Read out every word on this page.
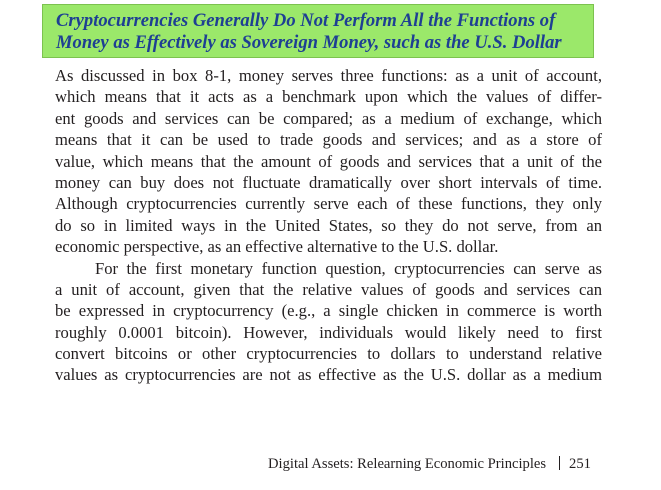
Cryptocurrencies Generally Do Not Perform All the Functions of
Money as Effectively as Sovereign Money, such as the U.S. Dollar
As discussed in box 8-1, money serves three functions: as a unit of account,
which means that it acts as a benchmark upon which the values of differ-
ent goods and services can be compared; as a medium of exchange, which
means that it can be used to trade goods and services; and as a store of
value, which means that the amount of goods and services that a unit of the
money can buy does not fluctuate dramatically over short intervals of time.
Although cryptocurrencies currently serve each of these functions, they only
do so in limited ways in the United States, so they do not serve, from an
economic perspective, as an effective alternative to the U.S. dollar.
For the first monetary function question, cryptocurrencies can serve as
a unit of account, given that the relative values of goods and services can
be expressed in cryptocurrency (e.g., a single chicken in commerce is worth
roughly 0.0001 bitcoin). However, individuals would likely need to first
convert bitcoins or other cryptocurrencies to dollars to understand relative
values as cryptocurrencies are not as effective as the U.S. dollar as a medium
Digital Assets: Relearning Economic Principles 251
